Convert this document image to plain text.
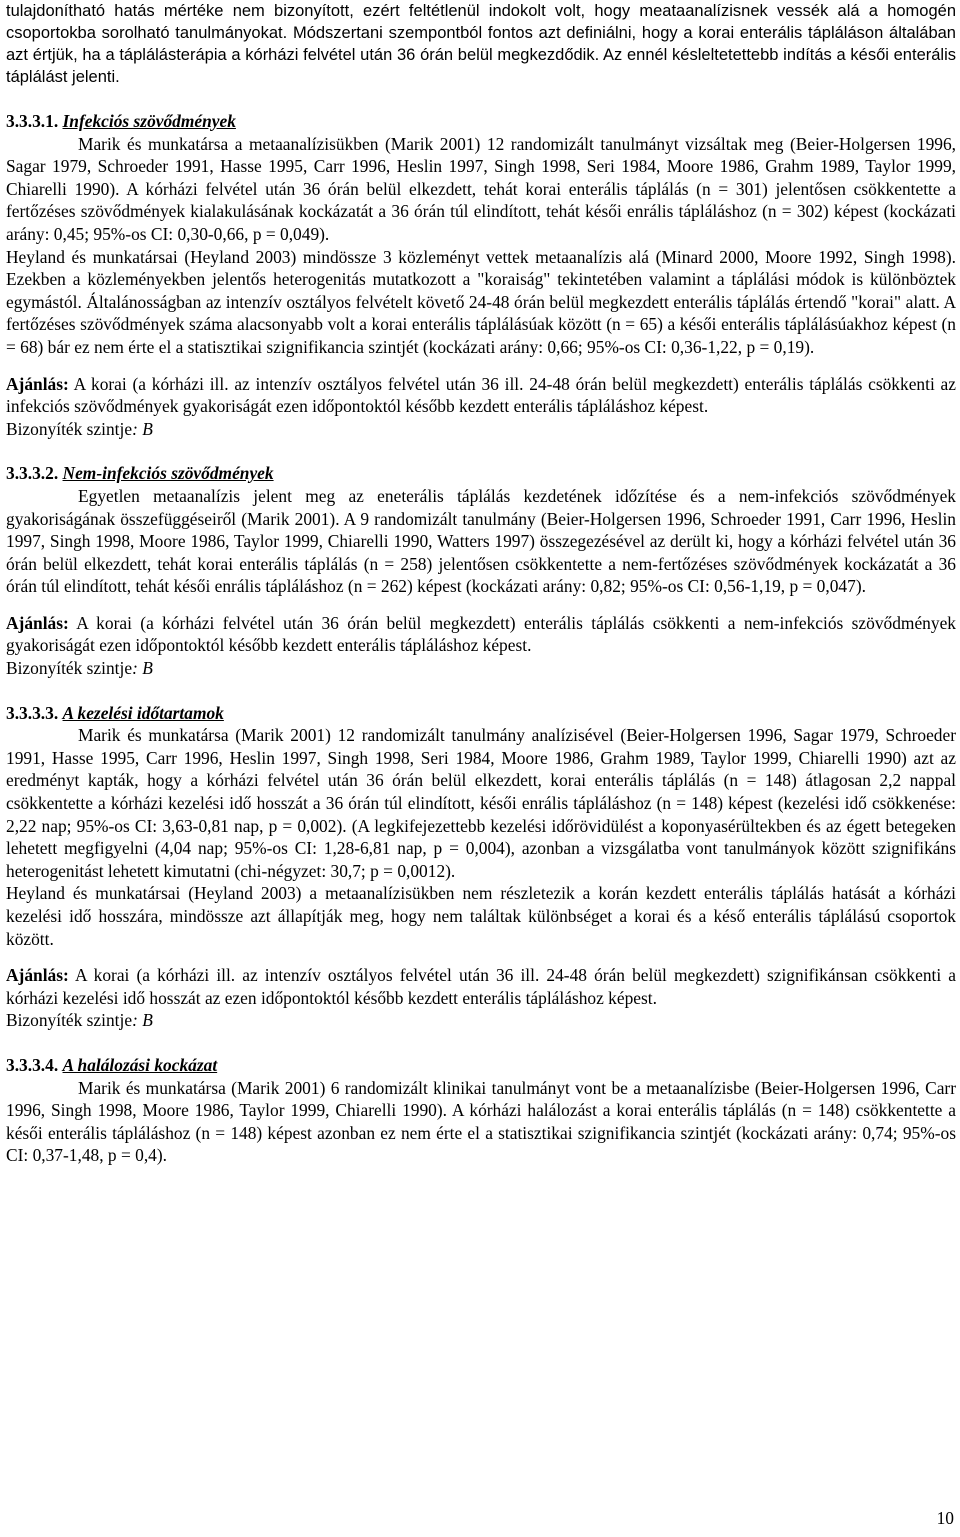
tulajdonítható hatás mértéke nem bizonyított, ezért feltétlenül indokolt volt, hogy meataanalízisnek vessék alá a homogén csoportokba sorolható tanulmányokat. Módszertani szempontból fontos azt definiálni, hogy a korai enterális tápláláson általában azt értjük, ha a táplálásterápia a kórházi felvétel után 36 órán belül megkezdődik. Az ennél késleltetettebb indítás a késői enterális táplálást jelenti.

3.3.3.1. Infekciós szövődmények

Marik és munkatársa a metaanalízisükben (Marik 2001) 12 randomizált tanulmányt vizsáltak meg (Beier-Holgersen 1996, Sagar 1979, Schroeder 1991, Hasse 1995, Carr 1996, Heslin 1997, Singh 1998, Seri 1984, Moore 1986, Grahm 1989, Taylor 1999, Chiarelli 1990). A kórházi felvétel után 36 órán belül elkezdett, tehát korai enterális táplálás (n = 301) jelentősen csökkentette a fertőzéses szövődmények kialakulásának kockázatát a 36 órán túl elindított, tehát késői enrális tápláláshoz (n = 302) képest (kockázati arány: 0,45; 95%-os CI: 0,30-0,66, p = 0,049).

Heyland és munkatársai (Heyland 2003) mindössze 3 közleményt vettek metaanalízis alá (Minard 2000, Moore 1992, Singh 1998). Ezekben a közleményekben jelentős heterogenitás mutatkozott a "koraiság" tekintetében valamint a táplálási módok is különböztek egymástól. Általánosságban az intenzív osztályos felvételt követő 24-48 órán belül megkezdett enterális táplálás értendő "korai" alatt. A fertőzéses szövődmények száma alacsonyabb volt a korai enterális táplálásúak között (n = 65) a késői enterális táplálásúakhoz képest (n = 68) bár ez nem érte el a statisztikai szignifikancia szintjét (kockázati arány: 0,66; 95%-os CI: 0,36-1,22, p = 0,19).

Ajánlás: A korai (a kórházi ill. az intenzív osztályos felvétel után 36 ill. 24-48 órán belül megkezdett) enterális táplálás csökkenti az infekciós szövődmények gyakoriságát ezen időpontoktól később kezdett enterális tápláláshoz képest.

Bizonyíték szintje: B

3.3.3.2. Nem-infekciós szövődmények

Egyetlen metaanalízis jelent meg az eneterális táplálás kezdetének időzítése és a nem-infekciós szövődmények gyakoriságának összefüggéseiről (Marik 2001). A 9 randomizált tanulmány (Beier-Holgersen 1996, Schroeder 1991, Carr 1996, Heslin 1997, Singh 1998, Moore 1986, Taylor 1999, Chiarelli 1990, Watters 1997) összegezésével az derült ki, hogy a kórházi felvétel után 36 órán belül elkezdett, tehát korai enterális táplálás (n = 258) jelentősen csökkentette a nem-fertőzéses szövődmények kockázatát a 36 órán túl elindított, tehát késői enrális tápláláshoz (n = 262) képest (kockázati arány: 0,82; 95%-os CI: 0,56-1,19, p = 0,047).

Ajánlás: A korai (a kórházi felvétel után 36 órán belül megkezdett) enterális táplálás csökkenti a nem-infekciós szövődmények gyakoriságát ezen időpontoktól később kezdett enterális tápláláshoz képest.

Bizonyíték szintje: B

3.3.3.3. A kezelési időtartamok

Marik és munkatársa (Marik 2001) 12 randomizált tanulmány analízisével (Beier-Holgersen 1996, Sagar 1979, Schroeder 1991, Hasse 1995, Carr 1996, Heslin 1997, Singh 1998, Seri 1984, Moore 1986, Grahm 1989, Taylor 1999, Chiarelli 1990) azt az eredményt kapták, hogy a kórházi felvétel után 36 órán belül elkezdett, korai enterális táplálás (n = 148) átlagosan 2,2 nappal csökkentette a kórházi kezelési idő hosszát a 36 órán túl elindított, késői enrális tápláláshoz (n = 148) képest (kezelési idő csökkenése: 2,22 nap; 95%-os CI: 3,63-0,81 nap, p = 0,002). (A legkifejezettebb kezelési időrövidülést a koponyasérültekben és az égett betegeken lehetett megfigyelni (4,04 nap; 95%-os CI: 1,28-6,81 nap, p = 0,004), azonban a vizsgálatba vont tanulmányok között szignifikáns heterogenitást lehetett kimutatni (chi-négyzet: 30,7; p = 0,0012).

Heyland és munkatársai (Heyland 2003) a metaanalízisükben nem részletezik a korán kezdett enterális táplálás hatását a kórházi kezelési idő hosszára, mindössze azt állapítják meg, hogy nem találtak különbséget a korai és a késő enterális táplálású csoportok között.

Ajánlás: A korai (a kórházi ill. az intenzív osztályos felvétel után 36 ill. 24-48 órán belül megkezdett) szignifikánsan csökkenti a kórházi kezelési idő hosszát az ezen időpontoktól később kezdett enterális tápláláshoz képest.

Bizonyíték szintje: B

3.3.3.4. A halálozási kockázat

Marik és munkatársa (Marik 2001) 6 randomizált klinikai tanulmányt vont be a metaanalízisbe (Beier-Holgersen 1996, Carr 1996, Singh 1998, Moore 1986, Taylor 1999, Chiarelli 1990). A kórházi halálozást a korai enterális táplálás (n = 148) csökkentette a késői enterális tápláláshoz (n = 148) képest azonban ez nem érte el a statisztikai szignifikancia szintjét (kockázati arány: 0,74; 95%-os CI: 0,37-1,48, p = 0,4).

10
